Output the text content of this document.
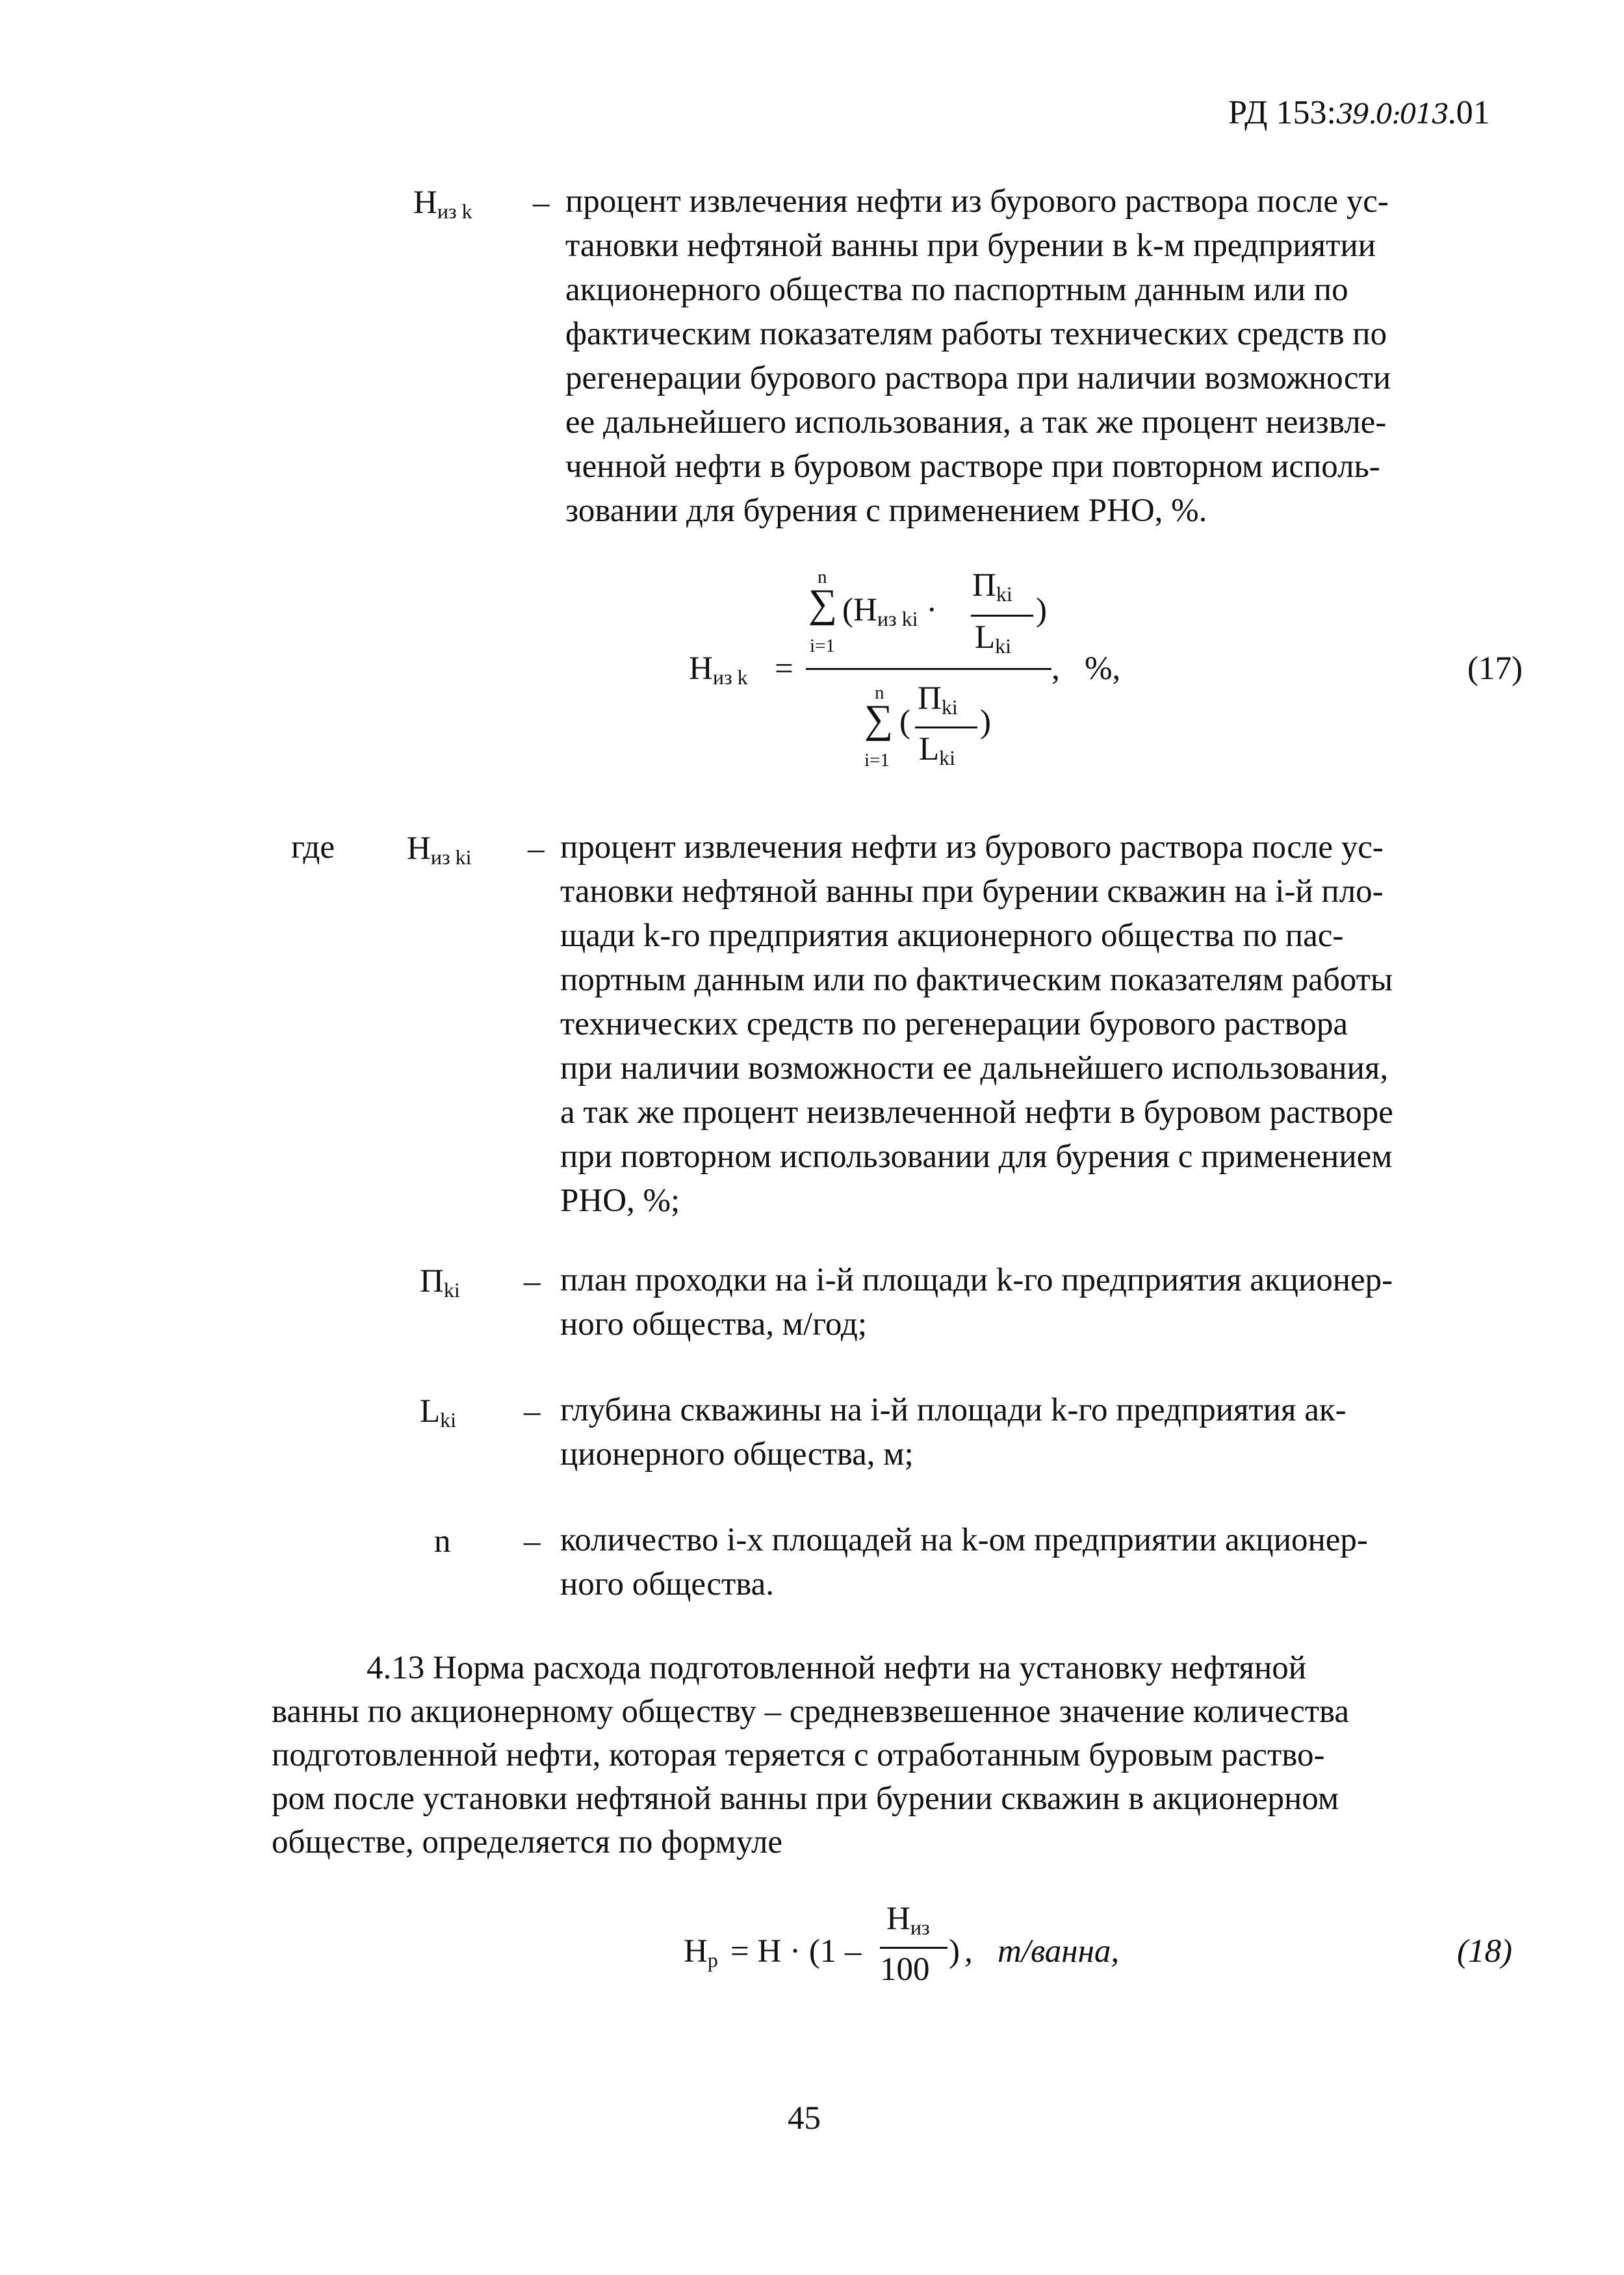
РД 153:39.0:013.01
$Н_{из k}$ – процент извлечения нефти из бурового раствора после ус-
тановки нефтяной ванны при бурении в k-м предприятии
акционерного общества по паспортным данным или по
фактическим показателям работы технических средств по
регенерации бурового раствора при наличии возможности
ее дальнейшего использования, а так же процент неизвле-
ченной нефти в буровом растворе при повторном исполь-
зовании для бурения с применением РНО, %.
$Н_{из k}$ =
n
∑
i=1
($Н_{из ki}$ ·
$П_{ki}$
$L_{ki}$
)
n
∑
i=1
(
$П_{ki}$
$L_{ki}$
)
,   %,	(17)
где $Н_{из ki}$ – процент извлечения нефти из бурового раствора после ус-
тановки нефтяной ванны при бурении скважин на i-й пло-
щади k-го предприятия акционерного общества по пас-
портным данным или по фактическим показателям работы
технических средств по регенерации бурового раствора
при наличии возможности ее дальнейшего использования,
а так же процент неизвлеченной нефти в буровом растворе
при повторном использовании для бурения с применением
РНО, %;
$П_{ki}$ – план проходки на i-й площади k-го предприятия акционер-
ного общества, м/год;
$L_{ki}$ – глубина скважины на i-й площади k-го предприятия ак-
ционерного общества, м;
n – количество i-х площадей на k-ом предприятии акционер-
ного общества.
4.13 Норма расхода подготовленной нефти на установку нефтяной
ванны по акционерному обществу – средневзвешенное значение количества
подготовленной нефти, которая теряется с отработанным буровым раство-
ром после установки нефтяной ванны при бурении скважин в акционерном
обществе, определяется по формуле
$Н_р = Н \cdot (1$ –
$Н_{из}$
100 ) ,   т/ванна,	(18)
45
